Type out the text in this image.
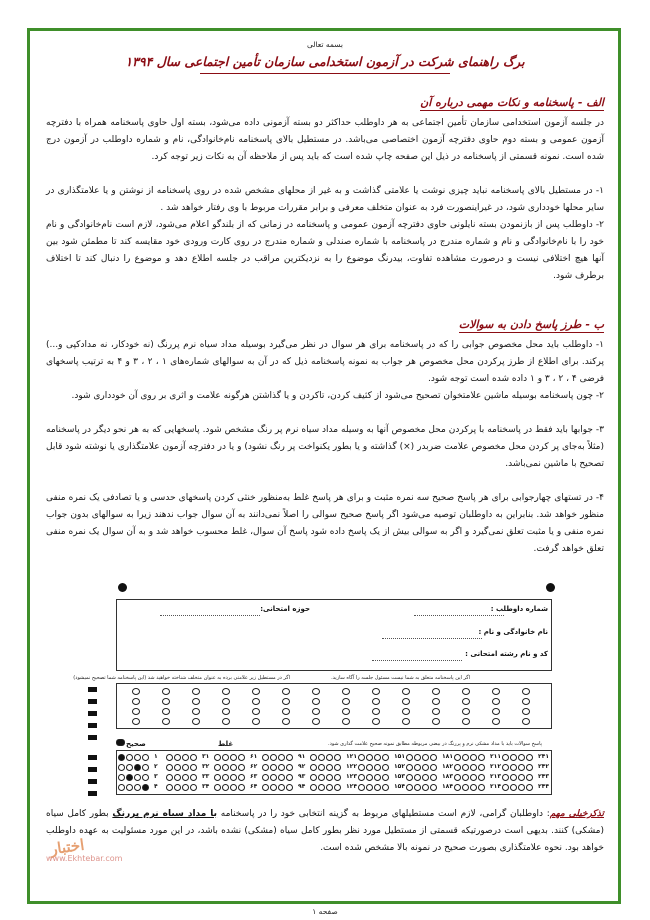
بسمه تعالی
برگ راهنمای شرکت در آزمون استخدامی سازمان تأمین اجتماعی سال ۱۳۹۴
الف - پاسخنامه و نکات مهمی درباره آن
در جلسه آزمون استخدامی سازمان تأمین اجتماعی به هر داوطلب حداکثر دو بسته آزمونی داده می‌شود، بسته اول حاوی پاسخنامه همراه با دفترچه آزمون عمومی و بسته دوم حاوی دفترچه آزمون اختصاصی می‌باشد. در مستطیل بالای پاسخنامه نام‌خانوادگی، نام و شماره داوطلب در آزمون درج شده است. نمونه قسمتی از پاسخنامه در ذیل این صفحه چاپ شده است که باید پس از ملاحظه آن به نکات زیر توجه کرد.
۱- در مستطیل بالای پاسخنامه نباید چیزی نوشت یا علامتی گذاشت و به غیر از محلهای مشخص شده در روی پاسخنامه از نوشتن و یا علامتگذاری در سایر محلها خودداری شود، در غیراینصورت فرد به عنوان متخلف معرفی و برابر مقررات مربوط با وی رفتار خواهد شد .
۲- داوطلب پس از بازنمودن بسته نایلونی حاوی دفترچه آزمون عمومی و پاسخنامه در زمانی که از بلندگو اعلام می‌شود، لازم است نام‌خانوادگی و نام خود را با نام‌خانوادگی و نام و شماره مندرج در پاسخنامه با شماره صندلی و شماره مندرج در روی کارت ورودی خود مقایسه کند تا مطمئن شود بین آنها هیچ اختلافی نیست و درصورت مشاهده تفاوت، بیدرنگ موضوع را به نزدیکترین مراقب در جلسه اطلاع دهد و موضوع را دنبال کند تا اختلاف برطرف شود.
ب - طرز پاسخ دادن به سوالات
۱- داوطلب باید محل مخصوص جوابی را که در پاسخنامه برای هر سوال در نظر می‌گیرد بوسیله مداد سیاه نرم پررنگ (نه خودکار، نه مدادکپی و...) پرکند. برای اطلاع از طرز پرکردن محل مخصوص هر جواب به نمونه پاسخنامه ذیل که در آن به سوالهای شماره‌های ۱ ، ۲ ، ۳ و ۴ به ترتیب پاسخهای فرضی ۴ ، ۲ ، ۳ و ۱ داده شده است توجه شود.
۲- چون پاسخنامه بوسیله ماشین علامتخوان تصحیح می‌شود از کثیف کردن، تاکردن و یا گذاشتن هرگونه علامت و اثری بر روی آن خودداری شود.
۳- جوابها باید فقط در پاسخنامه با پرکردن محل مخصوص آنها به وسیله مداد سیاه نرم پر رنگ مشخص شود. پاسخهایی که به هر نحو دیگر در پاسخنامه (مثلاً به‌جای پر کردن محل مخصوص علامت ضربدر (×) گذاشته و یا بطور یکنواخت پر رنگ نشود) و یا در دفترچه آزمون علامتگذاری یا نوشته شود قابل تصحیح با ماشین نمی‌باشد.
۴- در تستهای چهارجوابی برای هر پاسخ صحیح سه نمره مثبت و برای هر پاسخ غلط به‌منظور خنثی کردن پاسخهای حدسی و یا تصادفی یک نمره منفی منظور خواهد شد. بنابراین به داوطلبان توصیه می‌شود اگر پاسخ صحیح سوالی را اصلاً نمی‌دانند به آن سوال جواب ندهند زیرا به سوالهای بدون جواب نمره منفی و یا مثبت تعلق نمی‌گیرد و اگر به سوالی بیش از یک پاسخ داده شود پاسخ آن سوال، غلط محسوب خواهد شد و به آن سوال یک نمره منفی تعلق خواهد گرفت.
شماره داوطلب :
نام خانوادگی و نام :
کد و نام رشته امتحانی :
حوزه امتحانی:
اگر این پاسخنامه متعلق به شما نیست مسئول جلسه را آگاه سازید.
اگر در مستطیل زیر علامتی برده به عنوان متخلف شناخته خواهید شد (این پاسخنامه شما تصحیح نمیشود)
صحیح	غلط	پاسخ سوالات باید با مداد مشکی نرم و پررنگ در بیضی مربوطه مطابق نمونه صحیح علامت گذاری شود.
۱
۲
۳
۴
۳۱
۳۲
۳۳
۳۴
۶۱
۶۲
۶۳
۶۴
۹۱
۹۲
۹۳
۹۴
۱۲۱
۱۲۲
۱۲۳
۱۲۴
۱۵۱
۱۵۲
۱۵۳
۱۵۴
۱۸۱
۱۸۲
۱۸۳
۱۸۴
۲۱۱
۲۱۲
۲۱۳
۲۱۴
۲۴۱
۲۴۲
۲۴۳
۲۴۴
تذکرخیلی مهم: داوطلبان گرامی، لازم است مستطیلهای مربوط به گزینه انتخابی خود را در پاسخنامه با مداد سیاه نرم پررنگ بطور کامل سیاه (مشکی) کنند. بدیهی است درصورتیکه قسمتی از مستطیل مورد نظر بطور کامل سیاه (مشکی) نشده باشد، در این مورد مسئولیت به عهده داوطلب خواهد بود. نحوه علامتگذاری بصورت صحیح در نمونه بالا مشخص شده است.
اختبار
www.Ekhtebar.com
صفحه ۱
